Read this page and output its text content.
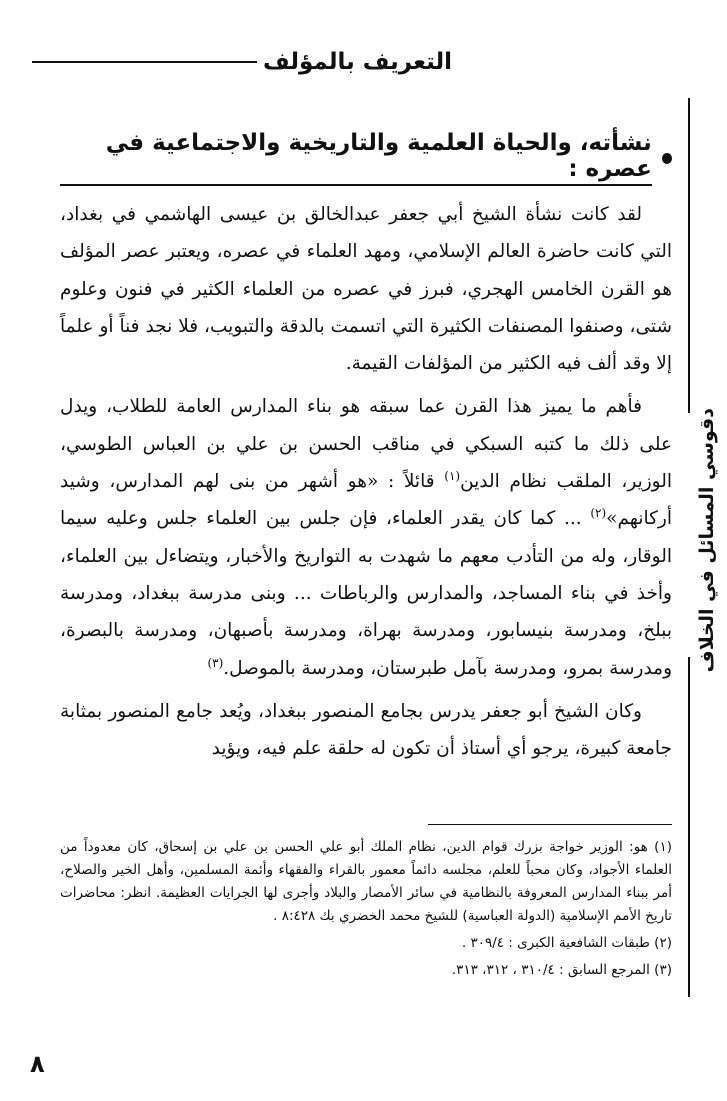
التعريف بالمؤلف
دقوسي المسائل في الخلاف
نشأته، والحياة العلمية والتاريخية والاجتماعية في عصره :

لقد كانت نشأة الشيخ أبي جعفر عبدالخالق بن عيسى الهاشمي في بغداد، التي كانت حاضرة العالم الإسلامي، ومهد العلماء في عصره، ويعتبر عصر المؤلف هو القرن الخامس الهجري، فبرز في عصره من العلماء الكثير في فنون وعلوم شتى، وصنفوا المصنفات الكثيرة التي اتسمت بالدقة والتبويب، فلا نجد فناً أو علماً إلا وقد ألف فيه الكثير من المؤلفات القيمة.

فأهم ما يميز هذا القرن عما سبقه هو بناء المدارس العامة للطلاب، ويدل على ذلك ما كتبه السبكي في مناقب الحسن بن علي بن العباس الطوسي، الوزير، الملقب نظام الدين$^{(١)}$ قائلاً : «هو أشهر من بنى لهم المدارس، وشيد أركانهم»$^{(٢)}$ ... كما كان يقدر العلماء، فإن جلس بين العلماء جلس وعليه سيما الوقار، وله من التأدب معهم ما شهدت به التواريخ والأخبار، ويتضاءل بين العلماء، وأخذ في بناء المساجد، والمدارس والرباطات ... وبنى مدرسة ببغداد، ومدرسة ببلخ، ومدرسة بنيسابور، ومدرسة بهراة، ومدرسة بأصبهان، ومدرسة بالبصرة، ومدرسة بمرو، ومدرسة بآمل طبرستان، ومدرسة بالموصل.$^{(٣)}$

وكان الشيخ أبو جعفر يدرس بجامع المنصور ببغداد، ويُعد جامع المنصور بمثابة جامعة كبيرة، يرجو أي أستاذ أن تكون له حلقة علم فيه، ويؤيد

(١) هو: الوزير خواجة بزرك قوام الدين، نظام الملك أبو علي الحسن بن علي بن إسحاق، كان معدوداً من العلماء الأجواد، وكان محباً للعلم، مجلسه دائماً معمور بالقراء والفقهاء وأئمة المسلمين، وأهل الخير والصلاح، أمر ببناء المدارس المعروفة بالنظامية في سائر الأمصار والبلاد وأجرى لها الجرايات العظيمة. انظر: محاضرات تاريخ الأمم الإسلامية (الدولة العباسية) للشيخ محمد الخضري بك ٨:٤٢٨ .

(٢) طبقات الشافعية الكبرى : ٣٠٩/٤ .

(٣) المرجع السابق : ٣١٠/٤ ، ٣١٢، ٣١٣.

٨
